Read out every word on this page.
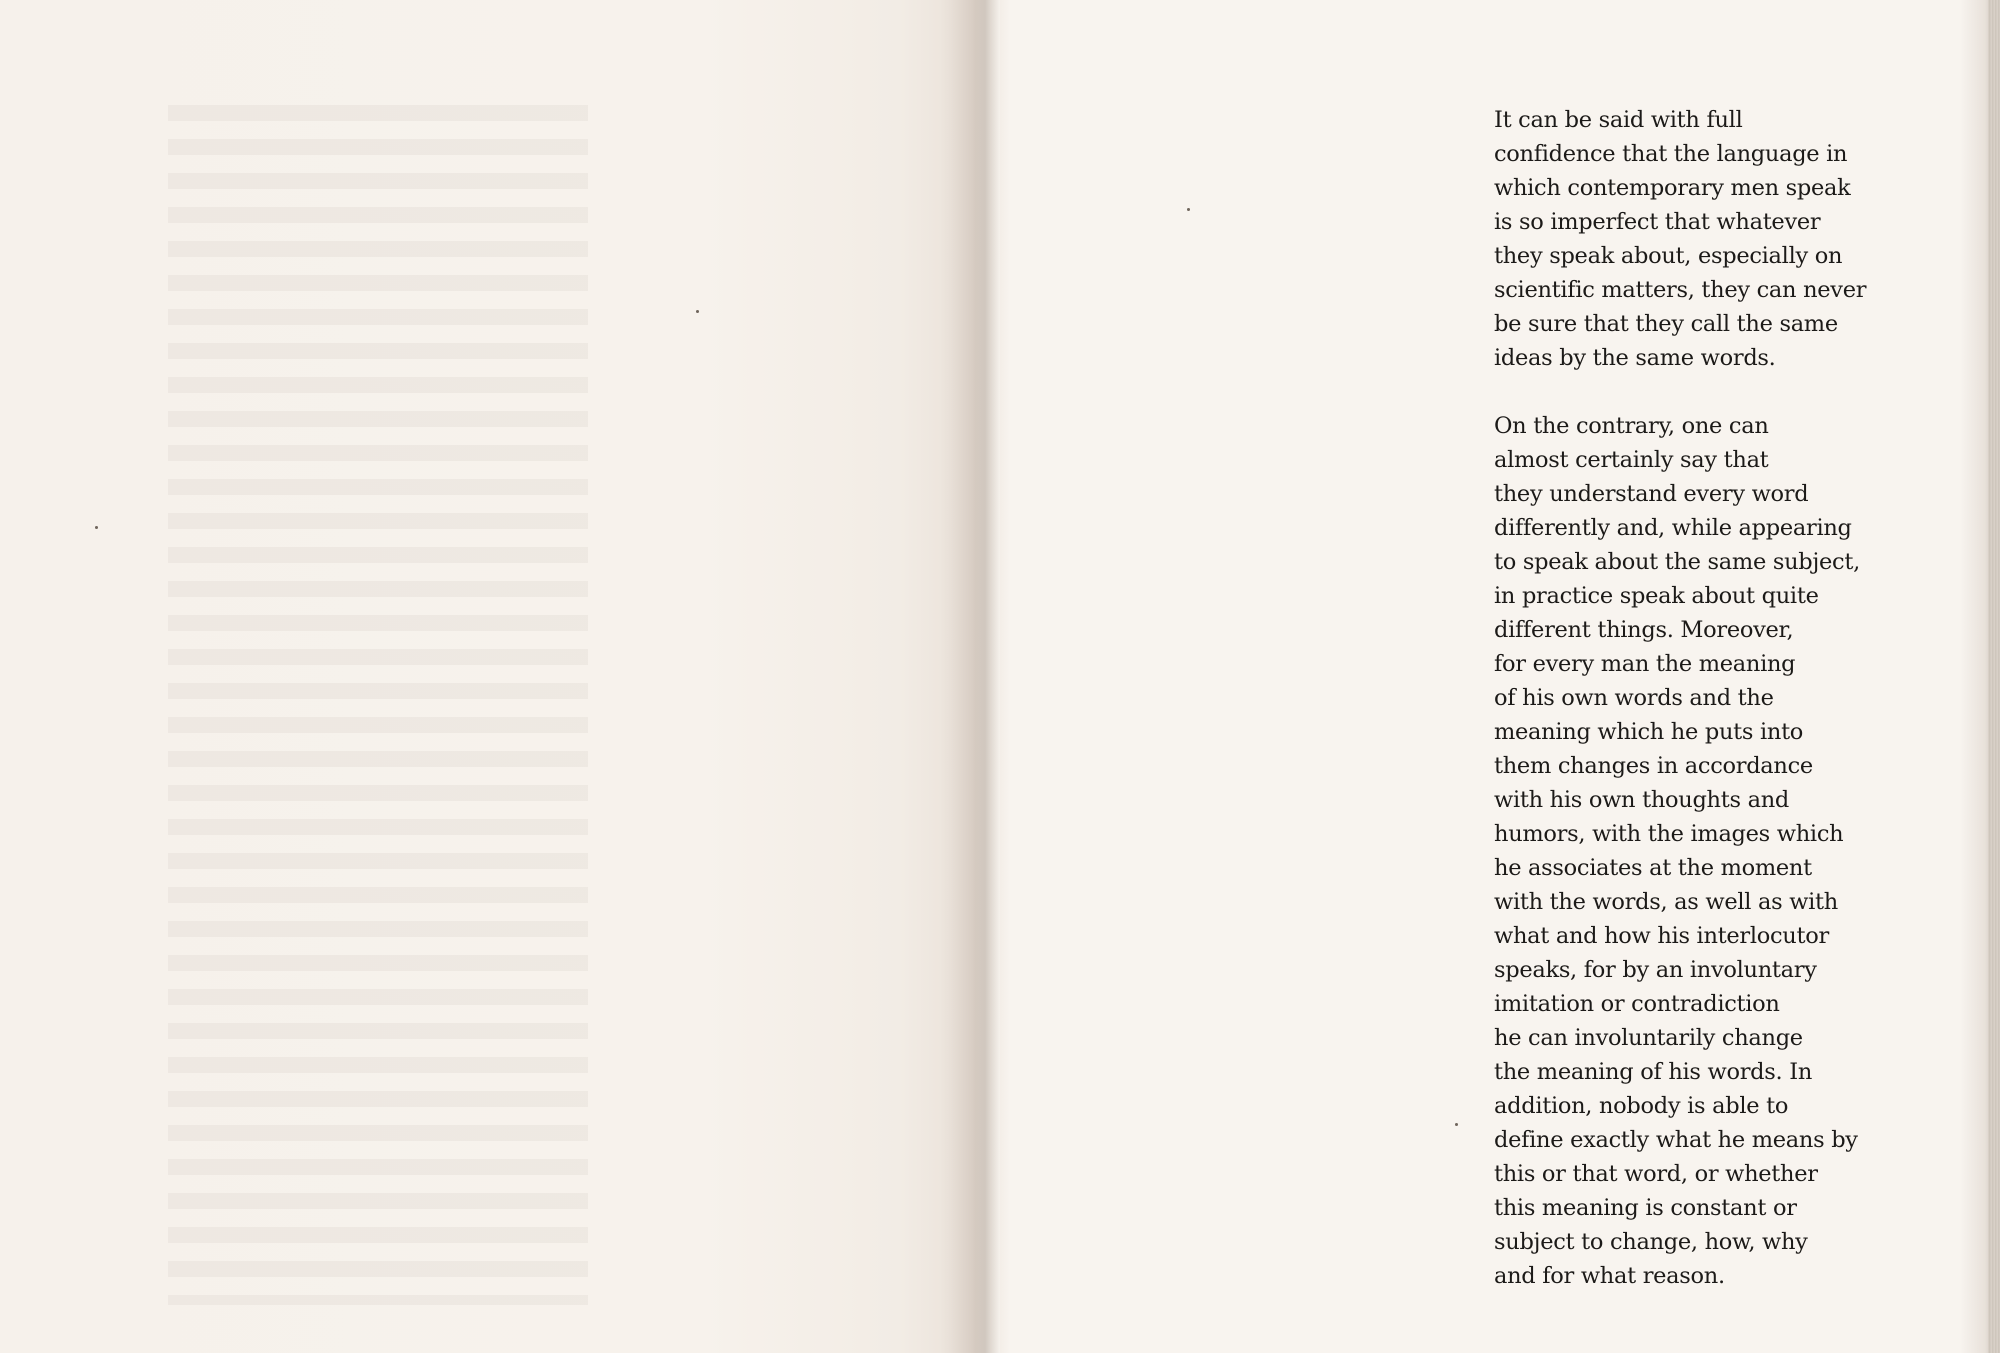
It can be said with full
confidence that the language in
which contemporary men speak
is so imperfect that whatever
they speak about, especially on
scientific matters, they can never
be sure that they call the same
ideas by the same words.

On the contrary, one can
almost certainly say that
they understand every word
differently and, while appearing
to speak about the same subject,
in practice speak about quite
different things. Moreover,
for every man the meaning
of his own words and the
meaning which he puts into
them changes in accordance
with his own thoughts and
humors, with the images which
he associates at the moment
with the words, as well as with
what and how his interlocutor
speaks, for by an involuntary
imitation or contradiction
he can involuntarily change
the meaning of his words. In
addition, nobody is able to
define exactly what he means by
this or that word, or whether
this meaning is constant or
subject to change, how, why
and for what reason.
